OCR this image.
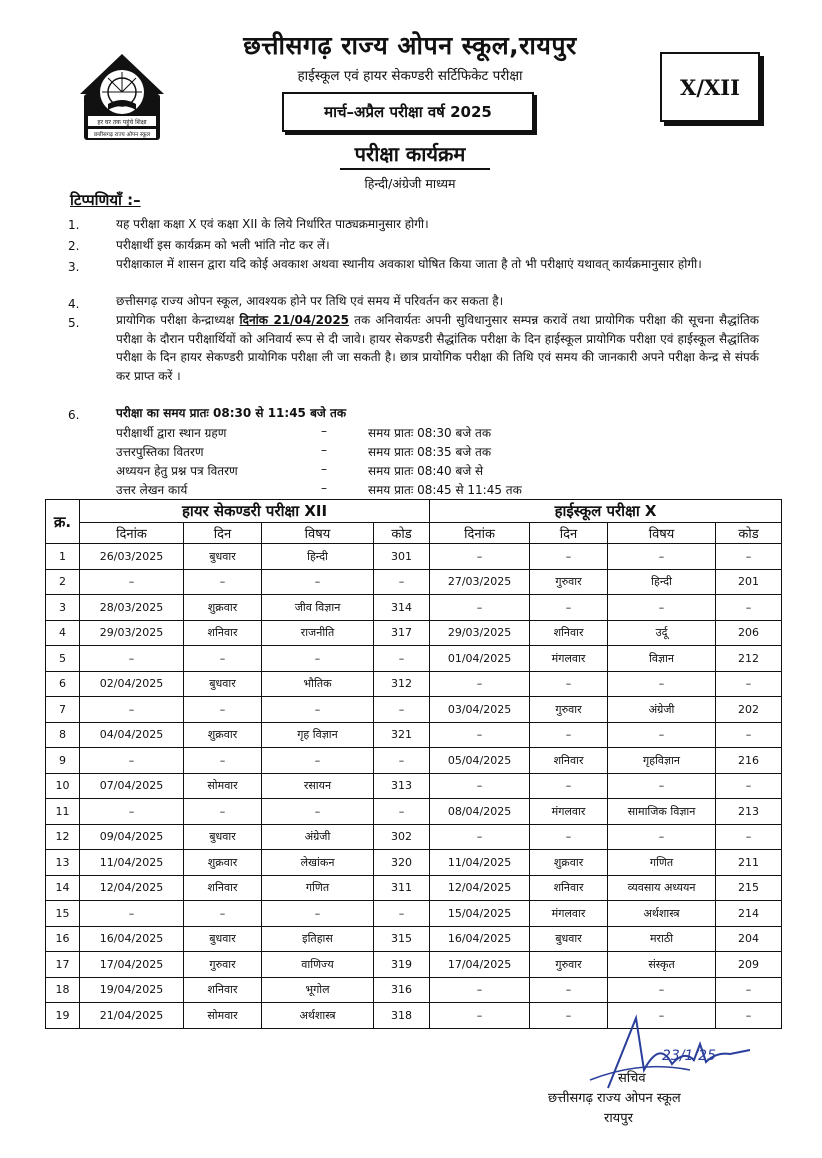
हर घर तक पहुंचे शिक्षा
छत्तीसगढ़ राज्य ओपन स्कूल
छत्तीसगढ़ राज्य ओपन स्कूल,रायपुर
हाईस्कूल एवं हायर सेकण्डरी सर्टिफिकेट परीक्षा
मार्च–अप्रैल परीक्षा वर्ष 2025
X/XII
परीक्षा कार्यक्रम
हिन्दी/अंग्रेजी माध्यम
टिप्पणियाँ :–
1.	यह परीक्षा कक्षा X एवं कक्षा XII के लिये निर्धारित पाठ्यक्रमानुसार होगी।
2.	परीक्षार्थी इस कार्यक्रम को भली भांति नोट कर लें।
3.	परीक्षाकाल में शासन द्वारा यदि कोई अवकाश अथवा स्थानीय अवकाश घोषित किया जाता है तो भी परीक्षाएं यथावत् कार्यक्रमानुसार होगी।
4.	छत्तीसगढ़ राज्य ओपन स्कूल, आवश्यक होने पर तिथि एवं समय में परिवर्तन कर सकता है।
5.	प्रायोगिक परीक्षा केन्द्राध्यक्ष दिनांक 21/04/2025 तक अनिवार्यतः अपनी सुविधानुसार सम्पन्न करावें तथा प्रायोगिक परीक्षा की सूचना सैद्धांतिक परीक्षा के दौरान परीक्षार्थियों को अनिवार्य रूप से दी जावे। हायर सेकण्डरी सैद्धांतिक परीक्षा के दिन हाईस्कूल प्रायोगिक परीक्षा एवं हाईस्कूल सैद्धांतिक परीक्षा के दिन हायर सेकण्डरी प्रायोगिक परीक्षा ली जा सकती है। छात्र प्रायोगिक परीक्षा की तिथि एवं समय की जानकारी अपने परीक्षा केन्द्र से संपर्क कर प्राप्त करें ।
6.	परीक्षा का समय प्रातः 08:30 से 11:45 बजे तक
परीक्षार्थी द्वारा स्थान ग्रहण	–	समय प्रातः 08:30 बजे तक
उत्तरपुस्तिका वितरण	–	समय प्रातः 08:35 बजे तक
अध्ययन हेतु प्रश्न पत्र वितरण	–	समय प्रातः 08:40 बजे से
उत्तर लेखन कार्य	–	समय प्रातः 08:45 से 11:45 तक
क्र.	हायर सेकण्डरी परीक्षा XII				हाईस्कूल परीक्षा X			
	दिनांक	दिन	विषय	कोड	दिनांक	दिन	विषय	कोड
1	26/03/2025	बुधवार	हिन्दी	301	–	–	–	–
2	–	–	–	–	27/03/2025	गुरुवार	हिन्दी	201
3	28/03/2025	शुक्रवार	जीव विज्ञान	314	–	–	–	–
4	29/03/2025	शनिवार	राजनीति	317	29/03/2025	शनिवार	उर्दू	206
5	–	–	–	–	01/04/2025	मंगलवार	विज्ञान	212
6	02/04/2025	बुधवार	भौतिक	312	–	–	–	–
7	–	–	–	–	03/04/2025	गुरुवार	अंग्रेजी	202
8	04/04/2025	शुक्रवार	गृह विज्ञान	321	–	–	–	–
9	–	–	–	–	05/04/2025	शनिवार	गृहविज्ञान	216
10	07/04/2025	सोमवार	रसायन	313	–	–	–	–
11	–	–	–	–	08/04/2025	मंगलवार	सामाजिक विज्ञान	213
12	09/04/2025	बुधवार	अंग्रेजी	302	–	–	–	–
13	11/04/2025	शुक्रवार	लेखांकन	320	11/04/2025	शुक्रवार	गणित	211
14	12/04/2025	शनिवार	गणित	311	12/04/2025	शनिवार	व्यवसाय अध्ययन	215
15	–	–	–	–	15/04/2025	मंगलवार	अर्थशास्त्र	214
16	16/04/2025	बुधवार	इतिहास	315	16/04/2025	बुधवार	मराठी	204
17	17/04/2025	गुरुवार	वाणिज्य	319	17/04/2025	गुरुवार	संस्कृत	209
18	19/04/2025	शनिवार	भूगोल	316	–	–	–	–
19	21/04/2025	सोमवार	अर्थशास्त्र	318	–	–	–	–
23/1/25
सचिव
छत्तीसगढ़ राज्य ओपन स्कूल
रायपुर
